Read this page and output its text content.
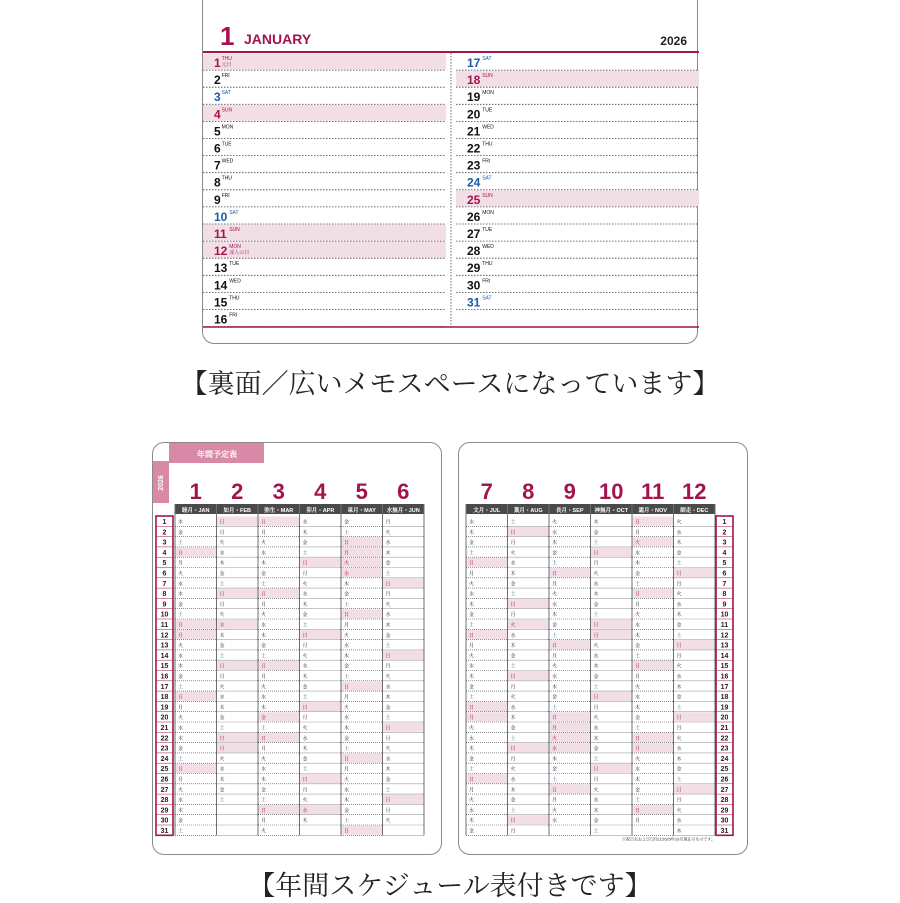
1 JANUARY	2026
1 THU
元日
2 FRI
3 SAT
4 SUN
5 MON
6 TUE
7 WED
8 THU
9 FRI
10 SAT
11 SUN
12 MON
成人の日
13 TUE
14 WED
15 THU
16 FRI
17 SAT
18 SUN
19 MON
20 TUE
21 WED
22 THU
23 FRI
24 SAT
25 SUN
26 MON
27 TUE
28 WED
29 THU
30 FRI
31 SAT
【裏面／広いメモスペースになっています】
年間予定表
2026 1
睦月・JAN
木
金
土
日
月
火
水
木
金
土
日
月
火
水
木
金
土
日
月
火
水
木
金
土
日
月
火
水
木
金
土
2
如月・FEB
日
月
火
水
木
金
土
日
月
火
水
木
金
土
日
月
火
水
木
金
土
日
月
火
水
木
金
土
3
弥生・MAR
日
月
火
水
木
金
土
日
月
火
水
木
金
土
日
月
火
水
木
金
土
日
月
火
水
木
金
土
日
月
火
4
卯月・APR
水
木
金
土
日
月
火
水
木
金
土
日
月
火
水
木
金
土
日
月
火
水
木
金
土
日
月
火
水
木
5
皐月・MAY
金
土
日
月
火
水
木
金
土
日
月
火
水
木
金
土
日
月
火
水
木
金
土
日
月
火
水
木
金
土
日
6
水無月・JUN
月
火
水
木
金
土
日
月
火
水
木
金
土
日
月
火
水
木
金
土
日
月
火
水
木
金
土
日
月
火
1
2
3
4
5
6
7
8
9
10
11
12
13
14
15
16
17
18
19
20
21
22
23
24
25
26
27
28
29
30
31
7
文月・JUL
水
木
金
土
日
月
火
水
木
金
土
日
月
火
水
木
金
土
日
月
火
水
木
金
土
日
月
火
水
木
金
8
葉月・AUG
土
日
月
火
水
木
金
土
日
月
火
水
木
金
土
日
月
火
水
木
金
土
日
月
火
水
木
金
土
日
月
9
長月・SEP
火
水
木
金
土
日
月
火
水
木
金
土
日
月
火
水
木
金
土
日
月
火
水
木
金
土
日
月
火
水
10
神無月・OCT
木
金
土
日
月
火
水
木
金
土
日
月
火
水
木
金
土
日
月
火
水
木
金
土
日
月
火
水
木
金
土
11
霜月・NOV
日
月
火
水
木
金
土
日
月
火
水
木
金
土
日
月
火
水
木
金
土
日
月
火
水
木
金
土
日
月
12
師走・DEC
火
水
木
金
土
日
月
火
水
木
金
土
日
月
火
水
木
金
土
日
月
火
水
木
金
土
日
月
火
水
木
1
2
3
4
5
6
7
8
9
10
11
12
13
14
15
16
17
18
19
20
21
22
23
24
25
26
27
28
29
30
31
※祝日名および日付は2025年10月現在のものです。
【年間スケジュール表付きです】
